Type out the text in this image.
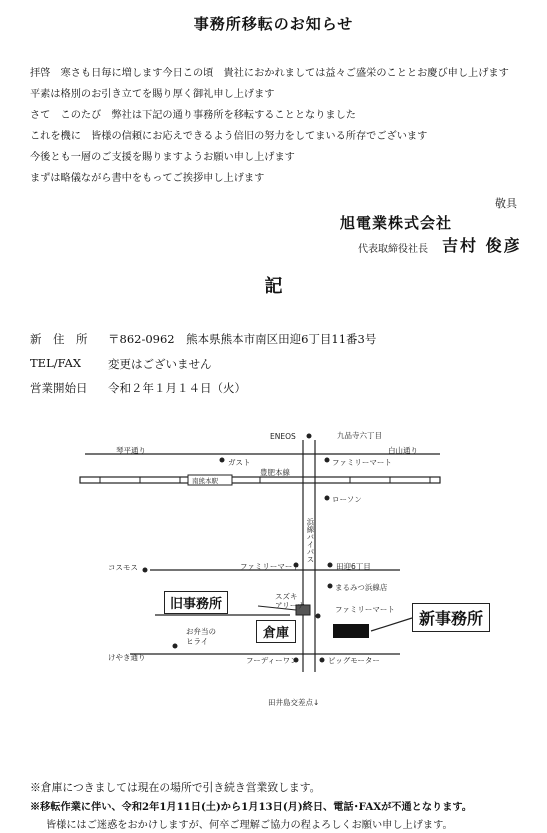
事務所移転のお知らせ
拝啓　寒さも日毎に増します今日この頃　貴社におかれましては益々ご盛栄のこととお慶び申し上げます
平素は格別のお引き立てを賜り厚く御礼申し上げます
さて　このたび　弊社は下記の通り事務所を移転することとなりました
これを機に　皆様の信頼にお応えできるよう倍旧の努力をしてまいる所存でございます
今後とも一層のご支援を賜りますようお願い申し上げます
まずは略儀ながら書中をもってご挨拶申し上げます
敬具
旭電業株式会社
代表取締役社長 吉村 俊彦
記
新　住　所 〒862-0962　熊本県熊本市南区田迎6丁目11番3号
TEL/FAX 変更はございません
営業開始日 令和２年１月１４日（火）
ENEOS	九品寺六丁目
白山通り
琴平通り
ガスト
豊肥本線
ファミリーマート
南熊本駅
ローソン
浜線バイパス
コスモス	ファミリーマート	田迎6丁目
まるみつ浜線店
スズキ
アリーナ	ファミリーマート
お弁当の
ヒライ
けやき通り	フーディーワン	ビッグモーター
田井島交差点↓
旧事務所
倉庫
新事務所
※倉庫につきましては現在の場所で引き続き営業致します。
※移転作業に伴い、令和2年1月11日(土)から1月13日(月)終日、電話･FAXが不通となります。
皆様にはご迷惑をおかけしますが、何卒ご理解ご協力の程よろしくお願い申し上げます。
